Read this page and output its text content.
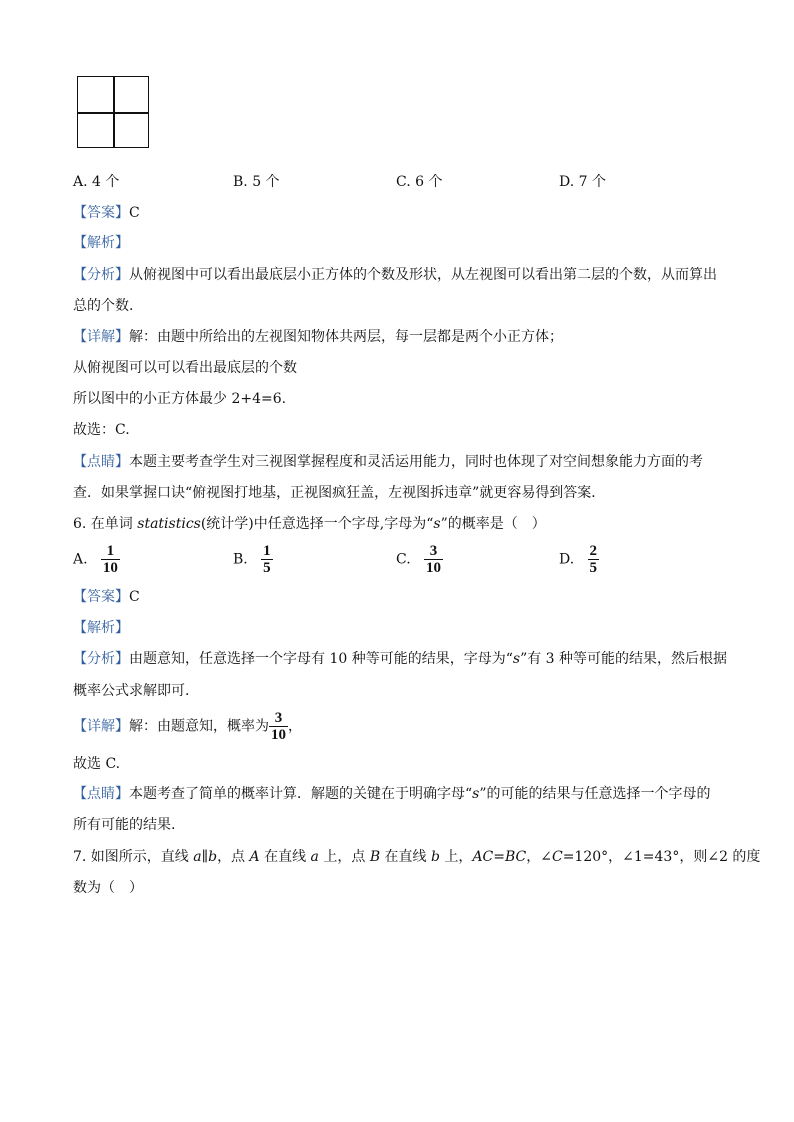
A. 4 个	B. 5 个	C. 6 个	D. 7 个
【答案】C
【解析】
【分析】从俯视图中可以看出最底层小正方体的个数及形状，从左视图可以看出第二层的个数，从而算出
总的个数.
【详解】解：由题中所给出的左视图知物体共两层，每一层都是两个小正方体；
从俯视图可以可以看出最底层的个数
所以图中的小正方体最少 2+4=6.
故选：C.
【点睛】本题主要考查学生对三视图掌握程度和灵活运用能力，同时也体现了对空间想象能力方面的考
查．如果掌握口诀“俯视图打地基，正视图疯狂盖，左视图拆违章”就更容易得到答案．
6. 在单词 statistics(统计学)中任意选择一个字母,字母为“s”的概率是（　）
A. $\frac{1}{10}$	B. $\frac{1}{5}$	C. $\frac{3}{10}$	D. $\frac{2}{5}$
【答案】C
【解析】
【分析】由题意知，任意选择一个字母有 10 种等可能的结果，字母为“s”有 3 种等可能的结果，然后根据
概率公式求解即可.
【详解】解：由题意知，概率为 $\frac{3}{10}$ ，
故选 C.
【点睛】本题考查了简单的概率计算．解题的关键在于明确字母“s”的可能的结果与任意选择一个字母的
所有可能的结果.
7. 如图所示，直线 a∥b，点 A 在直线 a 上，点 B 在直线 b 上，AC=BC，∠C=120°，∠1=43°，则∠2 的度
数为（　）
